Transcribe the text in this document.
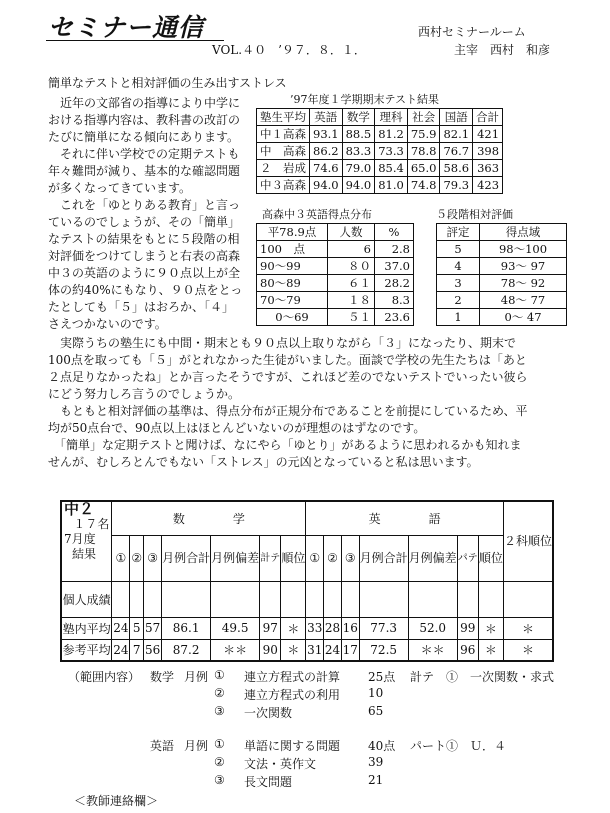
セミナー通信
VOL.４０　’９７．８．１．
西村セミナールーム
主宰　西村　和彦
簡単なテストと相対評価の生み出すストレス
　近年の文部省の指導により中学に
おける指導内容は、教科書の改訂の
たびに簡単になる傾向にあります。
　それに伴い学校での定期テストも
年々難問が減り、基本的な確認問題
が多くなってきています。
　これを「ゆとりある教育」と言っ
ているのでしょうが、その「簡単」
なテストの結果をもとに５段階の相
対評価をつけてしまうと右表の高森
中３の英語のように９０点以上が全
体の約40%にもなり、９０点をとっ
たとしても「５」はおろか、「４」
さえつかないのです。
’97年度１学期期末テスト結果
塾生平均	英語	数学	理科	社会	国語	合計
中１高森	93.1	88.5	81.2	75.9	82.1	421
中　高森	86.2	83.3	73.3	78.8	76.7	398
２　岩成	74.6	79.0	85.4	65.0	58.6	363
中３高森	94.0	94.0	81.0	74.8	79.3	423
高森中３英語得点分布
平78.9点	人数	%
100　点	6	2.8
90～99	８０	37.0
80～89	６１	28.2
70～79	１８	8.3
0～69	５１	23.6
５段階相対評価
評定	得点域
5	98～100
4	93～ 97
3	78～ 92
2	48～ 77
1	0～ 47
　実際うちの塾生にも中間・期末とも９０点以上取りながら「３」になったり、期末で
100点を取っても「５」がとれなかった生徒がいました。面談で学校の先生たちは「あと
２点足りなかったね」とか言ったそうですが、これほど差のでないテストでいったい彼ら
にどう努力しろ言うのでしょうか。
　もともと相対評価の基準は、得点分布が正規分布であることを前提にしているため、平
均が50点台で、90点以上はほとんどいないのが理想のはずなのです。
　「簡単」な定期テストと聞けば、なにやら「ゆとり」があるように思われるかも知れま
せんが、むしろとんでもない「ストレス」の元凶となっていると私は思います。
中２
１７名
7月度
結果	数　　　　学							英　　　　語							２科順位
	①	②	③	月例合計	月例偏差	計テ	順位	①	②	③	月例合計	月例偏差	パテ	順位	
個人成績															
塾内平均	24	5	57	86.1	49.5	97	＊	33	28	16	77.3	52.0	99	＊	＊
参考平均	24	7	56	87.2	＊＊	90	＊	31	24	17	72.5	＊＊	96	＊	＊
（範囲内容） 数学 月例 ① 連立方程式の計算 25点 計テ　①　一次関数・求式
② 連立方程式の利用 10
③ 一次関数	65
英語 月例 ① 単語に関する問題 40点 パート①　Ｕ．４
② 文法・英作文	39
③ 長文問題	21
＜教師連絡欄＞
